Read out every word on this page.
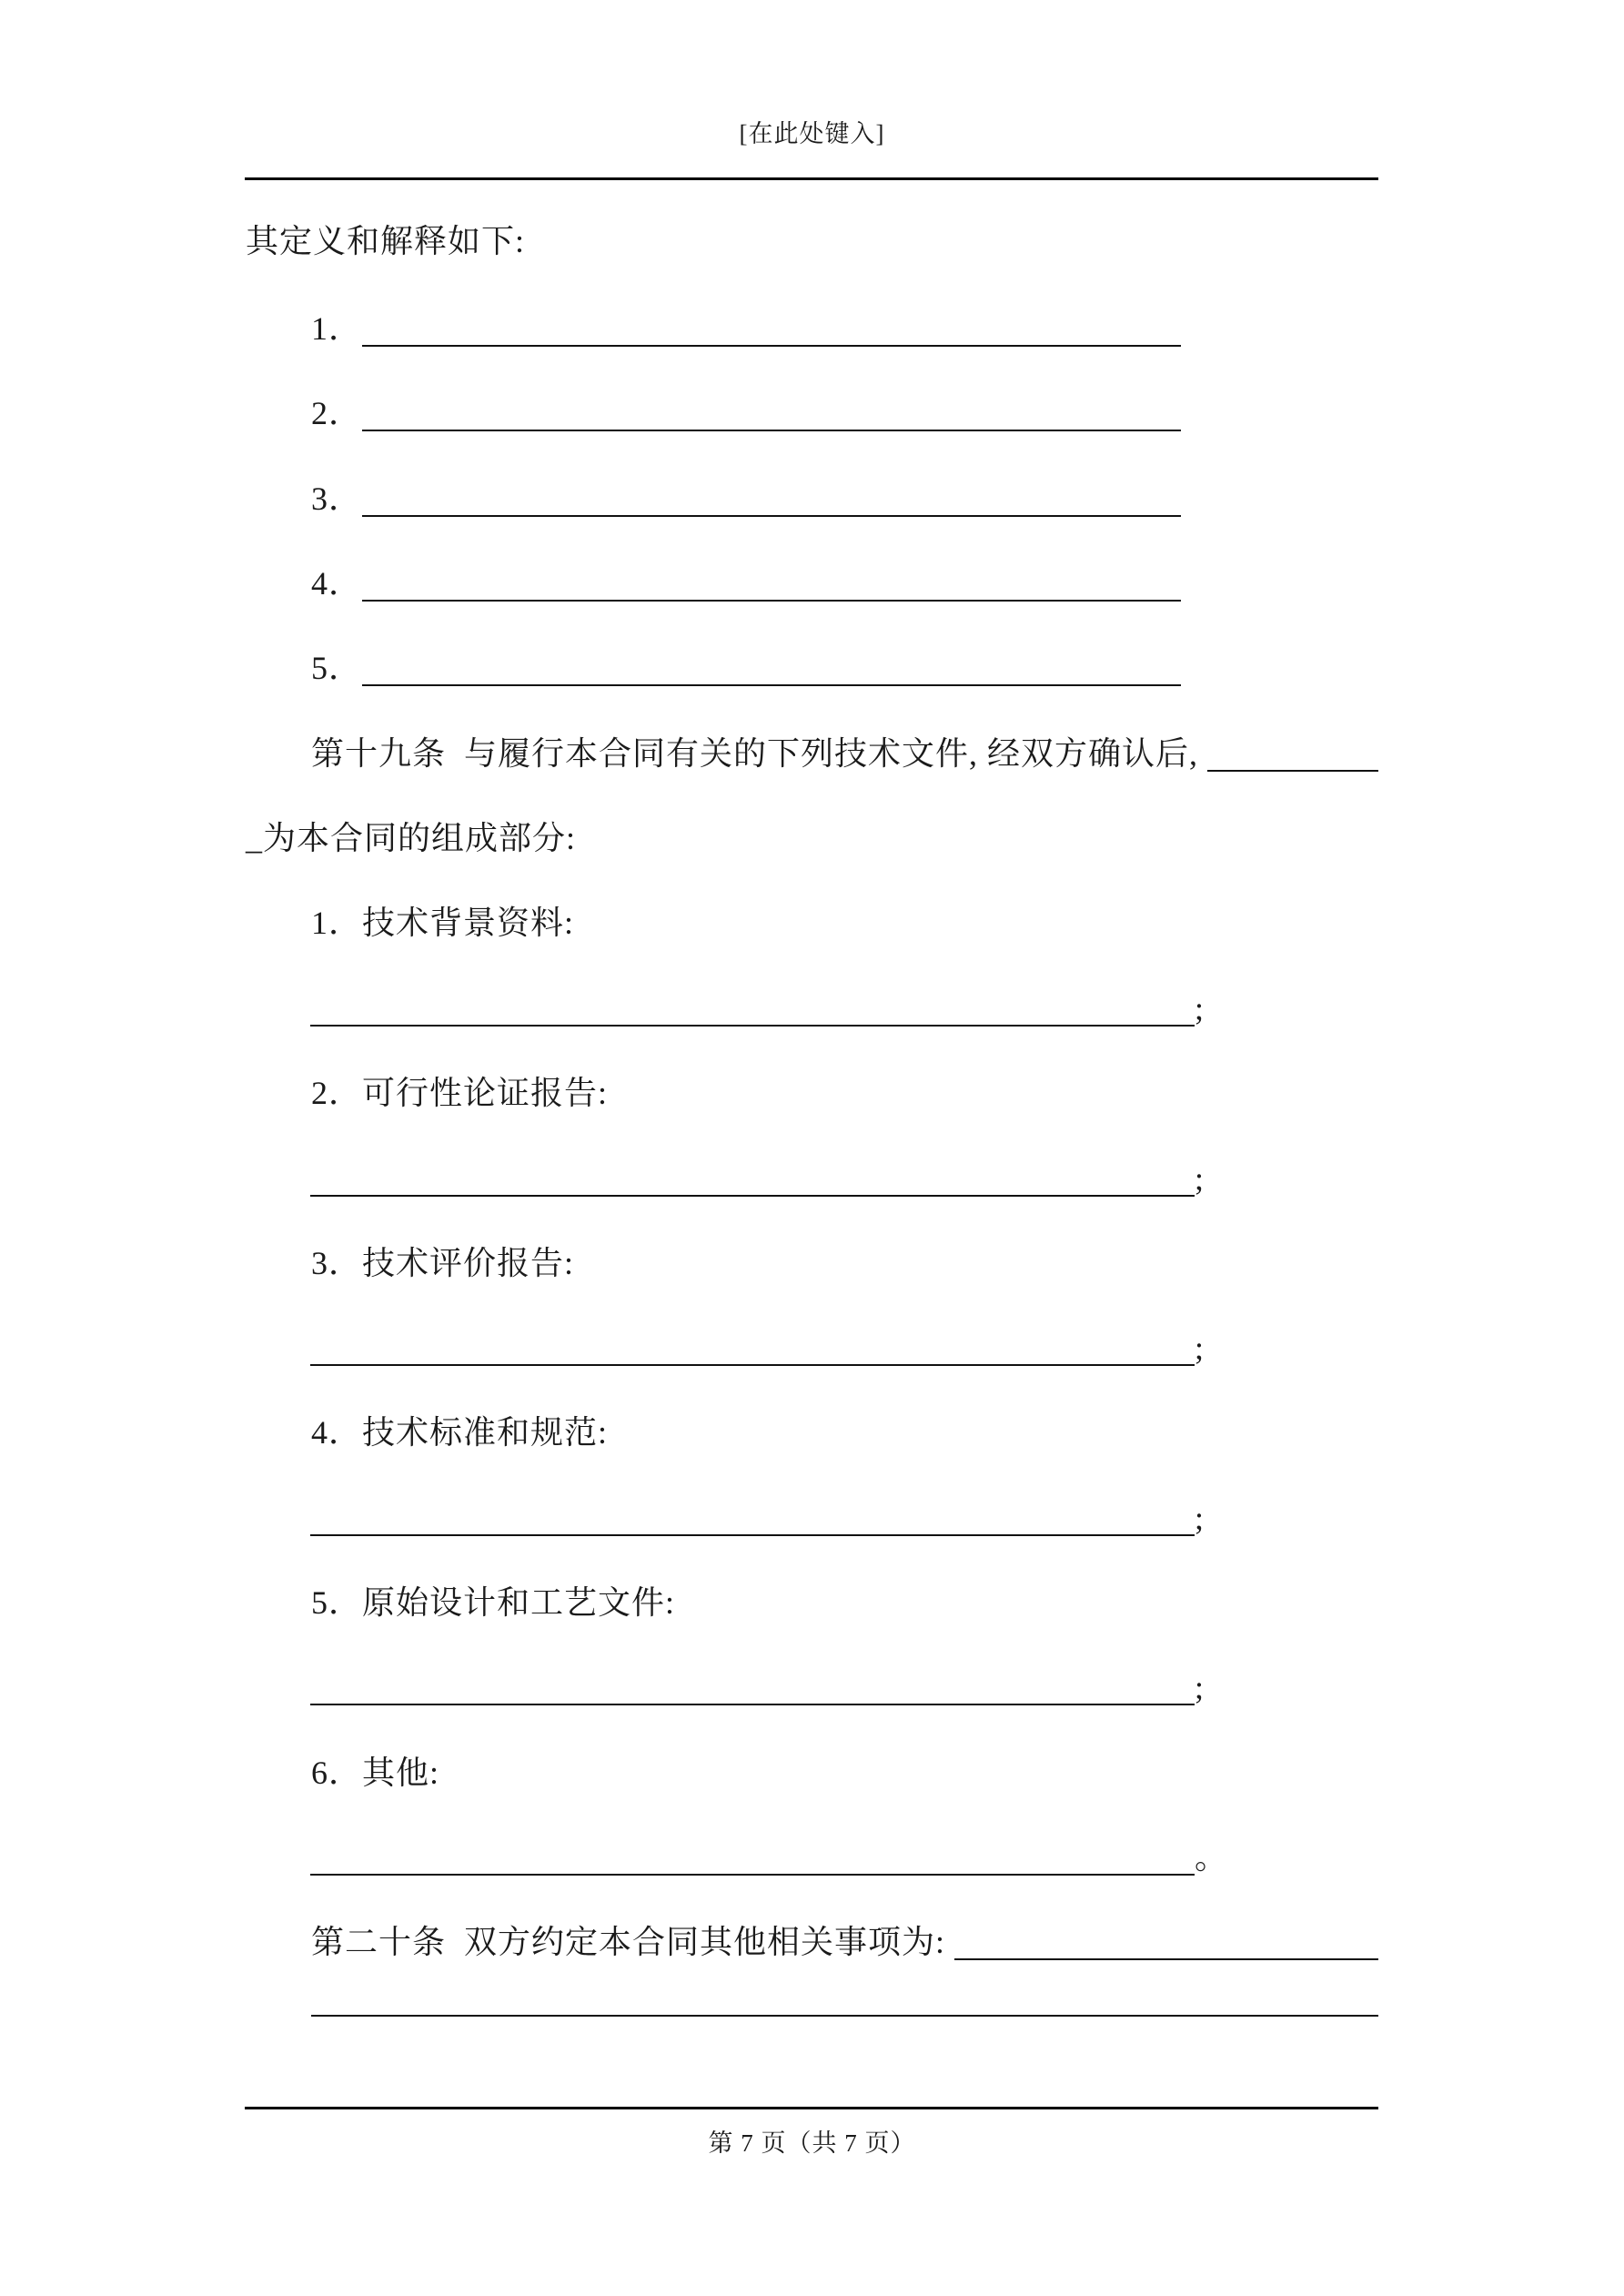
[在此处键入]
其定义和解释如下:
1．
2．
3．
4．
5．
第十九条  与履行本合同有关的下列技术文件, 经双方确认后,
_为本合同的组成部分:
1．技术背景资料:
;
2．可行性论证报告:
;
3．技术评价报告:
;
4．技术标准和规范:
;
5．原始设计和工艺文件:
;
6．其他:
。
第二十条  双方约定本合同其他相关事项为:
第 7 页（共 7 页）
